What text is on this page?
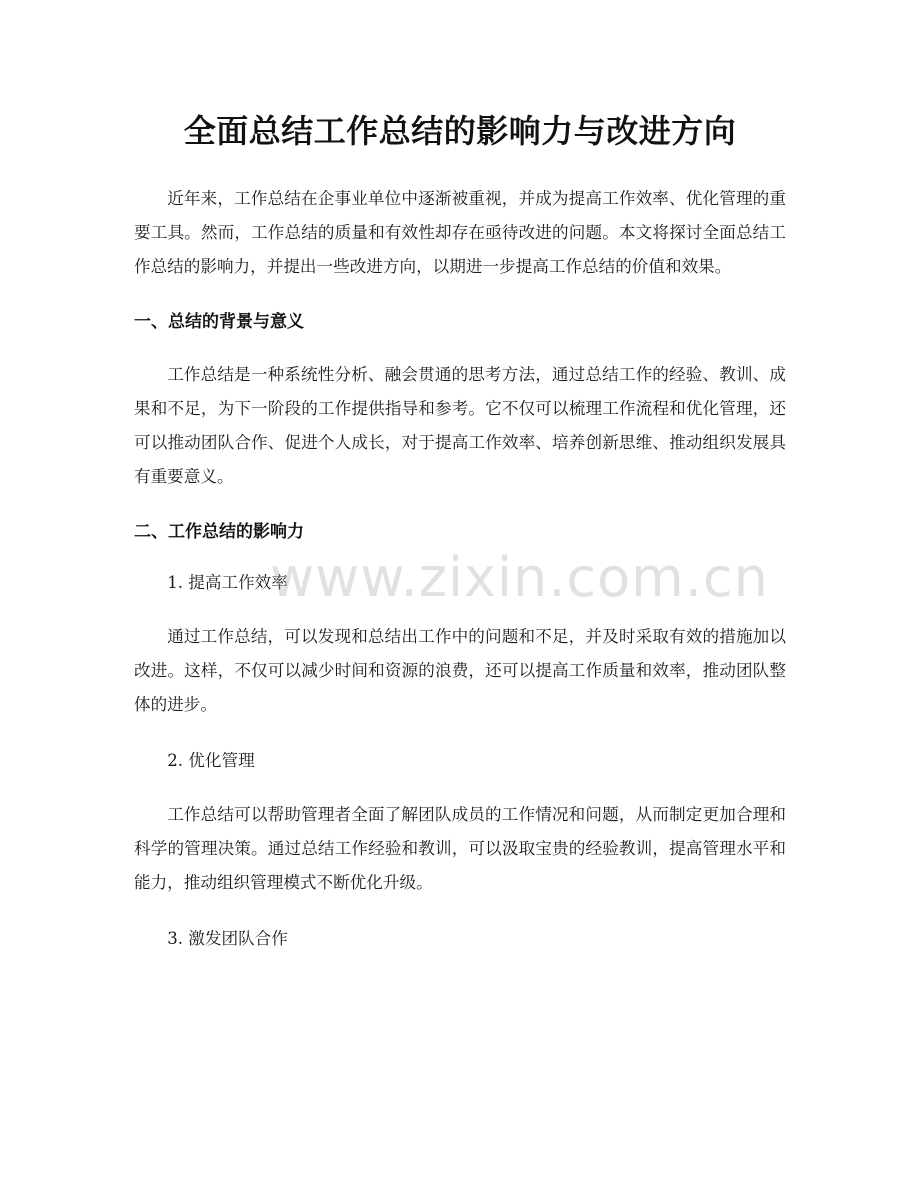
全面总结工作总结的影响力与改进方向

近年来，工作总结在企事业单位中逐渐被重视，并成为提高工作效率、优化管理的重要工具。然而，工作总结的质量和有效性却存在亟待改进的问题。本文将探讨全面总结工作总结的影响力，并提出一些改进方向，以期进一步提高工作总结的价值和效果。

一、总结的背景与意义

工作总结是一种系统性分析、融会贯通的思考方法，通过总结工作的经验、教训、成果和不足，为下一阶段的工作提供指导和参考。它不仅可以梳理工作流程和优化管理，还可以推动团队合作、促进个人成长，对于提高工作效率、培养创新思维、推动组织发展具有重要意义。

二、工作总结的影响力

1. 提高工作效率

通过工作总结，可以发现和总结出工作中的问题和不足，并及时采取有效的措施加以改进。这样，不仅可以减少时间和资源的浪费，还可以提高工作质量和效率，推动团队整体的进步。

2. 优化管理

工作总结可以帮助管理者全面了解团队成员的工作情况和问题，从而制定更加合理和科学的管理决策。通过总结工作经验和教训，可以汲取宝贵的经验教训，提高管理水平和能力，推动组织管理模式不断优化升级。

3. 激发团队合作

www.zixin.com.cn
